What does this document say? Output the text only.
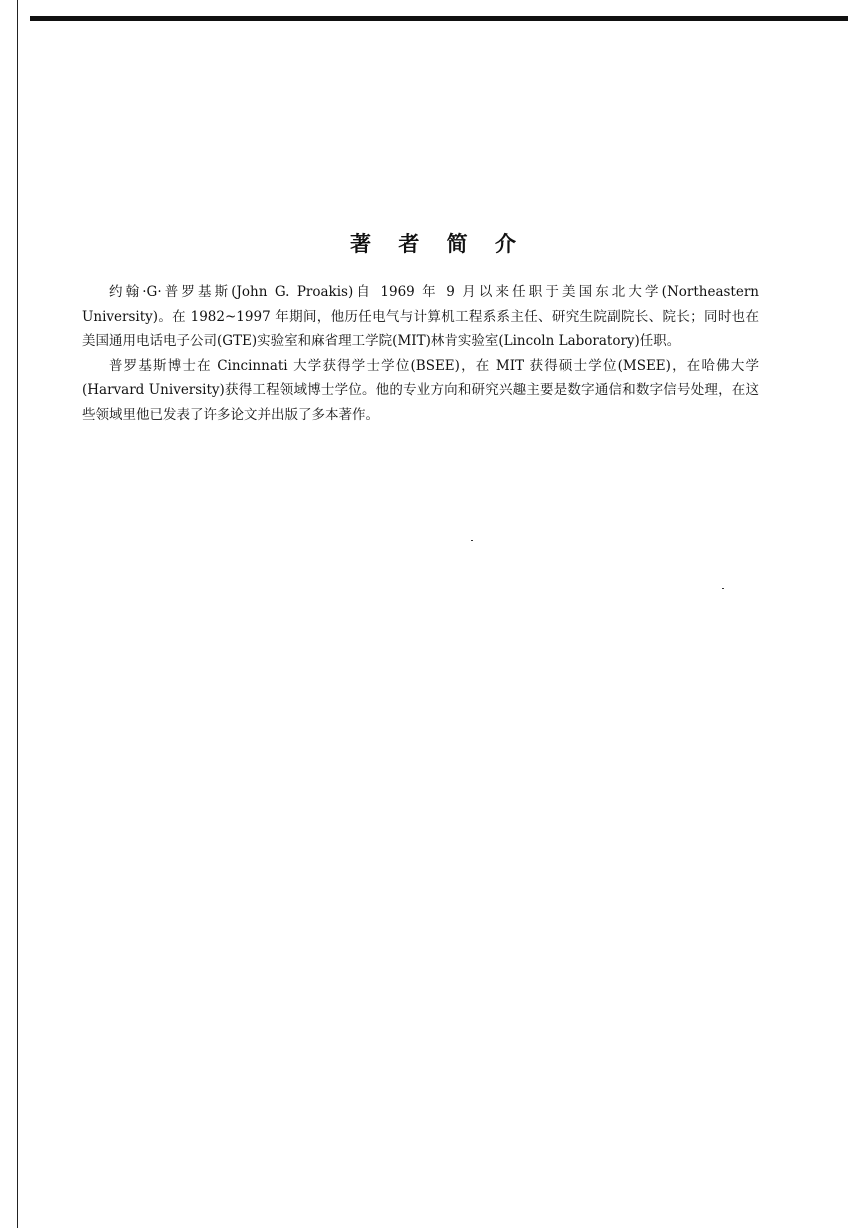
著 者 简 介

约翰·G·普罗基斯(John G. Proakis)自 1969 年 9 月以来任职于美国东北大学(Northeastern University)。在 1982~1997 年期间，他历任电气与计算机工程系系主任、研究生院副院长、院长；同时也在美国通用电话电子公司(GTE)实验室和麻省理工学院(MIT)林肯实验室(Lincoln Laboratory)任职。

普罗基斯博士在 Cincinnati 大学获得学士学位(BSEE)，在 MIT 获得硕士学位(MSEE)，在哈佛大学(Harvard University)获得工程领域博士学位。他的专业方向和研究兴趣主要是数字通信和数字信号处理，在这些领域里他已发表了许多论文并出版了多本著作。
